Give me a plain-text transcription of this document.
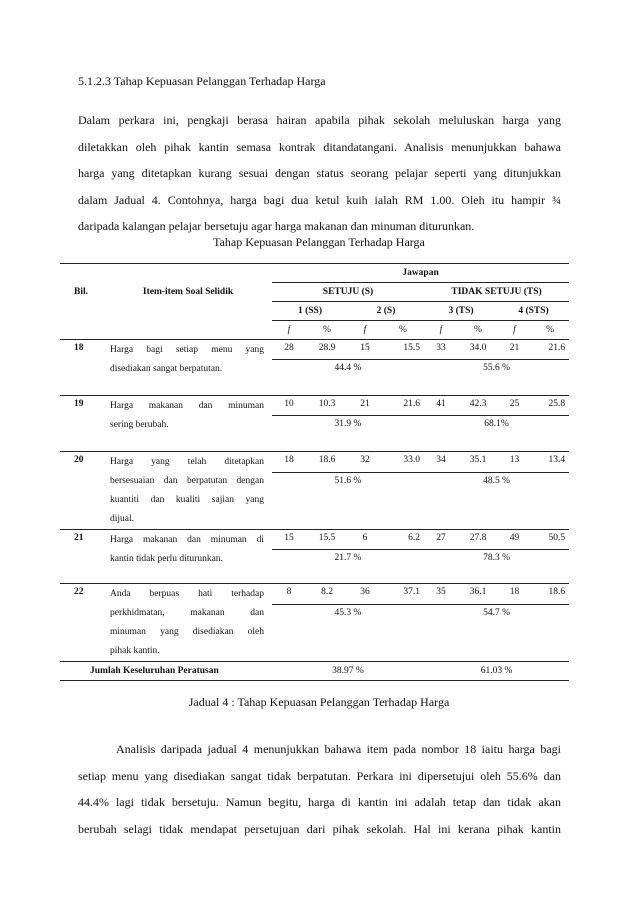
5.1.2.3 Tahap Kepuasan Pelanggan Terhadap Harga
Dalam perkara ini, pengkaji berasa hairan apabila pihak sekolah meluluskan harga yang
diletakkan oleh pihak kantin semasa kontrak ditandatangani. Analisis menunjukkan bahawa
harga yang ditetapkan kurang sesuai dengan status seorang pelajar seperti yang ditunjukkan
dalam Jadual 4. Contohnya, harga bagi dua ketul kuih ialah RM 1.00. Oleh itu hampir ¾
daripada kalangan pelajar bersetuju agar harga makanan dan minuman diturunkan.
Tahap Kepuasan Pelanggan Terhadap Harga
Bil.	Item-item Soal Selidik	Jawapan							
		SETUJU (S)				TIDAK SETUJU (TS)			
		1 (SS)		2 (S)		3 (TS)		4 (STS)	
		f	%	f	%	f	%	f	%
18	Harga bagi setiap menu yang
disediakan sangat berpatutan.	28	28.9	15	15.5	33	34.0	21	21.6
		44.4 %				55.6 %			
19	Harga makanan dan minuman
sering berubah.	10	10.3	21	21.6	41	42.3	25	25.8
		31.9 %				68.1%			
20	Harga yang telah ditetapkan
bersesuaian dan berpatutan dengan
kuantiti dan kualiti sajian yang
dijual.	18	18.6	32	33.0	34	35.1	13	13.4
		51.6 %				48.5 %			
21	Harga makanan dan minuman di
kantin tidak perlu diturunkan.	15	15.5	6	6.2	27	27.8	49	50.5
		21.7 %				78.3 %			
22	Anda berpuas hati terhadap
perkhidmatan, makanan dan
minuman yang disediakan oleh
pihak kantin.	8	8.2	36	37.1	35	36.1	18	18.6
		45.3 %				54.7 %			
Jumlah Keseluruhan Peratusan		38.97 %				61.03 %			
Jadual 4 : Tahap Kepuasan Pelanggan Terhadap Harga
Analisis daripada jadual 4 menunjukkan bahawa item pada nombor 18 iaitu harga bagi
setiap menu yang disediakan sangat tidak berpatutan. Perkara ini dipersetujui oleh 55.6% dan
44.4% lagi tidak bersetuju. Namun begitu, harga di kantin ini adalah tetap dan tidak akan
berubah selagi tidak mendapat persetujuan dari pihak sekolah. Hal ini kerana pihak kantin
